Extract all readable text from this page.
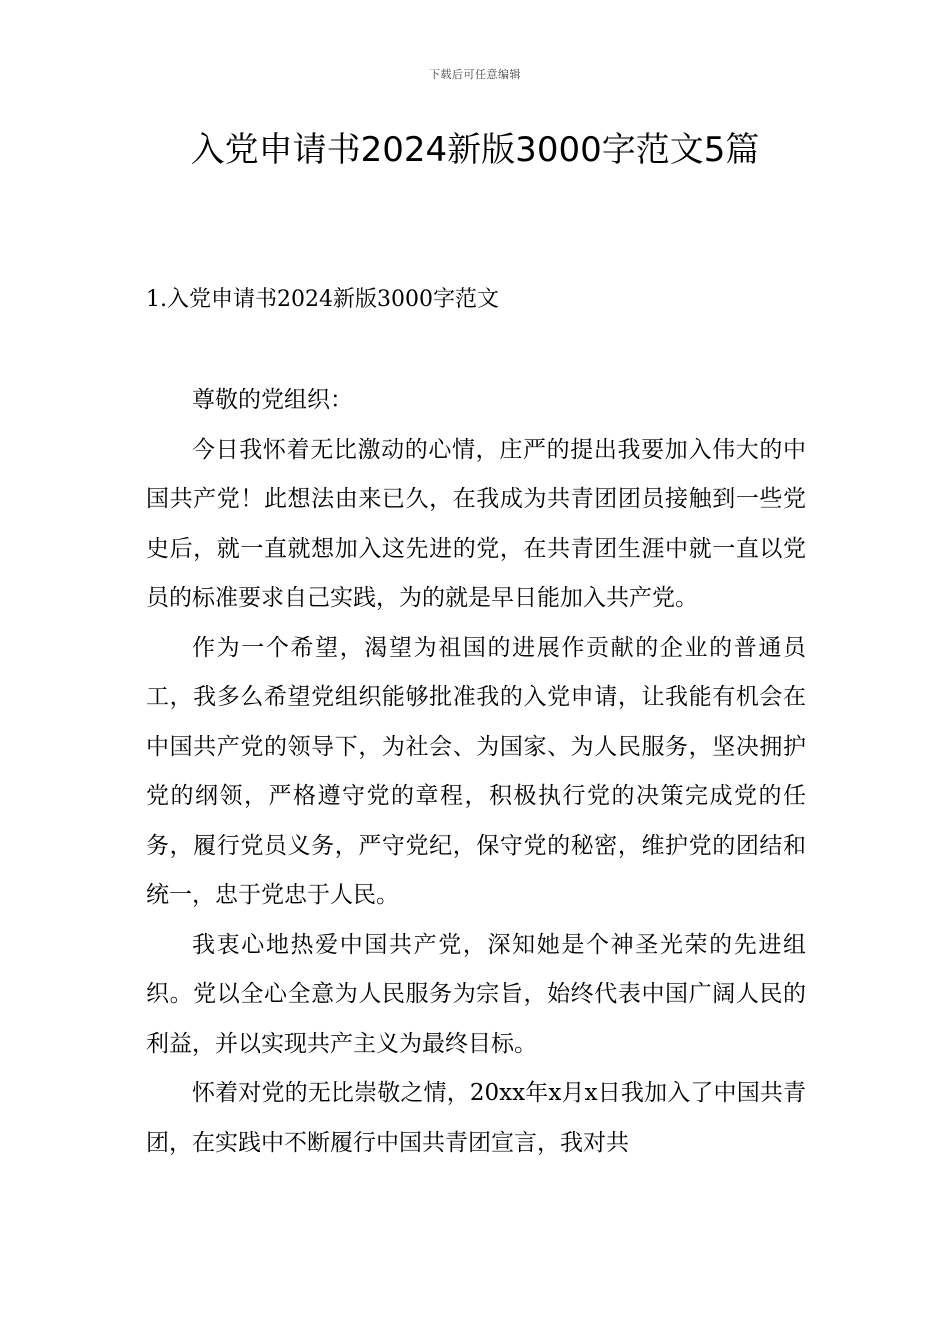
下载后可任意编辑
入党申请书2024新版3000字范文5篇
1.入党申请书2024新版3000字范文

尊敬的党组织：

今日我怀着无比激动的心情，庄严的提出我要加入伟大的中国共产党！此想法由来已久，在我成为共青团团员接触到一些党史后，就一直就想加入这先进的党，在共青团生涯中就一直以党员的标准要求自己实践，为的就是早日能加入共产党。

作为一个希望，渴望为祖国的进展作贡献的企业的普通员工，我多么希望党组织能够批准我的入党申请，让我能有机会在中国共产党的领导下，为社会、为国家、为人民服务，坚决拥护党的纲领，严格遵守党的章程，积极执行党的决策完成党的任务，履行党员义务，严守党纪，保守党的秘密，维护党的团结和统一，忠于党忠于人民。

我衷心地热爱中国共产党，深知她是个神圣光荣的先进组织。党以全心全意为人民服务为宗旨，始终代表中国广阔人民的利益，并以实现共产主义为最终目标。

怀着对党的无比崇敬之情，20xx年x月x日我加入了中国共青团，在实践中不断履行中国共青团宣言，我对共
